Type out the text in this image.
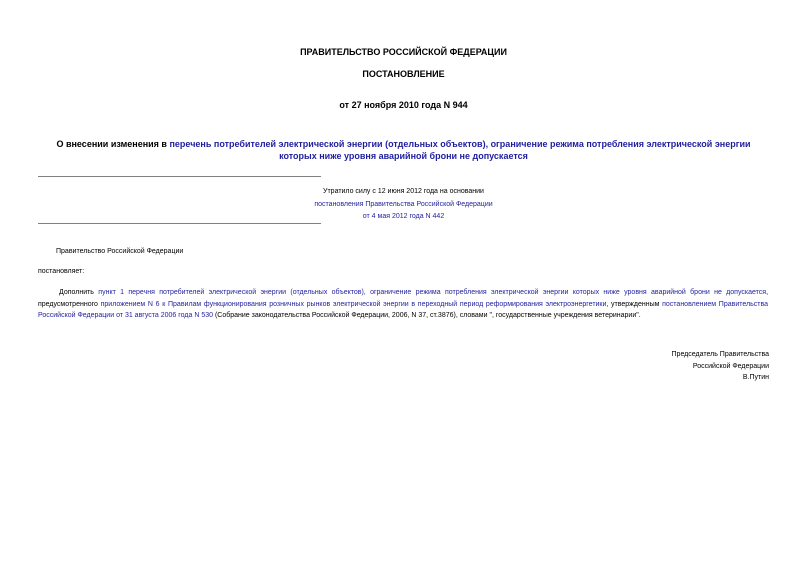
ПРАВИТЕЛЬСТВО РОССИЙСКОЙ ФЕДЕРАЦИИ
ПОСТАНОВЛЕНИЕ
от 27 ноября 2010 года N 944
О внесении изменения в перечень потребителей электрической энергии (отдельных объектов), ограничение режима потребления электрической энергии которых ниже уровня аварийной брони не допускается
Утратило силу с 12 июня 2012 года на основании
постановления Правительства Российской Федерации
от 4 мая 2012 года N 442
Правительство Российской Федерации
постановляет:
Дополнить пункт 1 перечня потребителей электрической энергии (отдельных объектов), ограничение режима потребления электрической энергии которых ниже уровня аварийной брони не допускается, предусмотренного приложением N 6 к Правилам функционирования розничных рынков электрической энергии в переходный период реформирования электроэнергетики, утвержденным постановлением Правительства Российской Федерации от 31 августа 2006 года N 530 (Собрание законодательства Российской Федерации, 2006, N 37, ст.3876), словами ", государственные учреждения ветеринарии".
Председатель Правительства
Российской Федерации
В.Путин
